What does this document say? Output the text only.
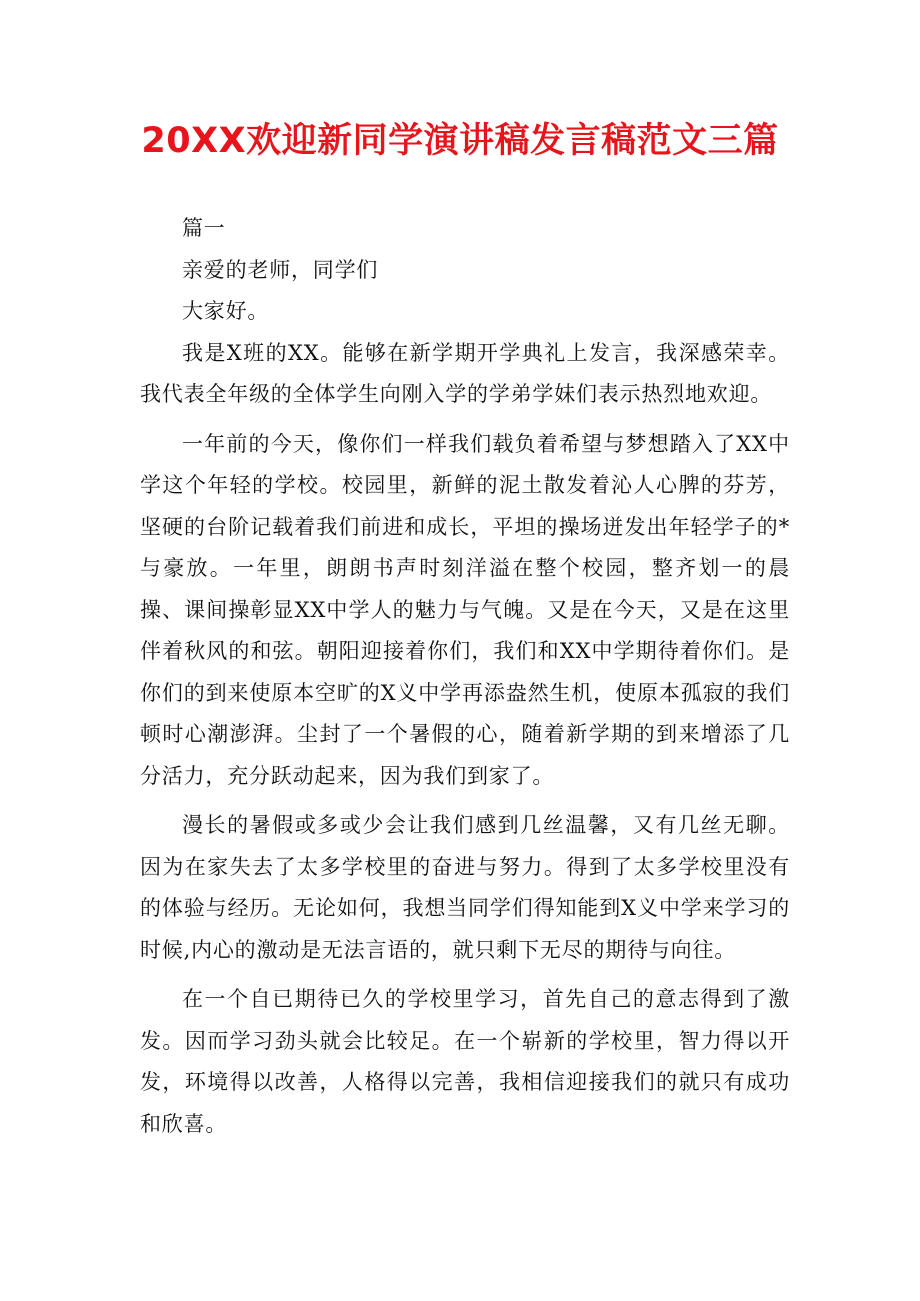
20XX欢迎新同学演讲稿发言稿范文三篇

篇一

亲爱的老师，同学们

大家好。

我是X班的XX。能够在新学期开学典礼上发言，我深感荣幸。我代表全年级的全体学生向刚入学的学弟学妹们表示热烈地欢迎。

一年前的今天，像你们一样我们载负着希望与梦想踏入了XX中学这个年轻的学校。校园里，新鲜的泥土散发着沁人心脾的芬芳，坚硬的台阶记载着我们前进和成长，平坦的操场迸发出年轻学子的*与豪放。一年里，朗朗书声时刻洋溢在整个校园，整齐划一的晨操、课间操彰显XX中学人的魅力与气魄。又是在今天，又是在这里伴着秋风的和弦。朝阳迎接着你们，我们和XX中学期待着你们。是你们的到来使原本空旷的X义中学再添盎然生机，使原本孤寂的我们顿时心潮澎湃。尘封了一个暑假的心，随着新学期的到来增添了几分活力，充分跃动起来，因为我们到家了。

漫长的暑假或多或少会让我们感到几丝温馨，又有几丝无聊。因为在家失去了太多学校里的奋进与努力。得到了太多学校里没有的体验与经历。无论如何，我想当同学们得知能到X义中学来学习的时候,内心的激动是无法言语的，就只剩下无尽的期待与向往。

在一个自已期待已久的学校里学习，首先自己的意志得到了激发。因而学习劲头就会比较足。在一个崭新的学校里，智力得以开发，环境得以改善，人格得以完善，我相信迎接我们的就只有成功和欣喜。
